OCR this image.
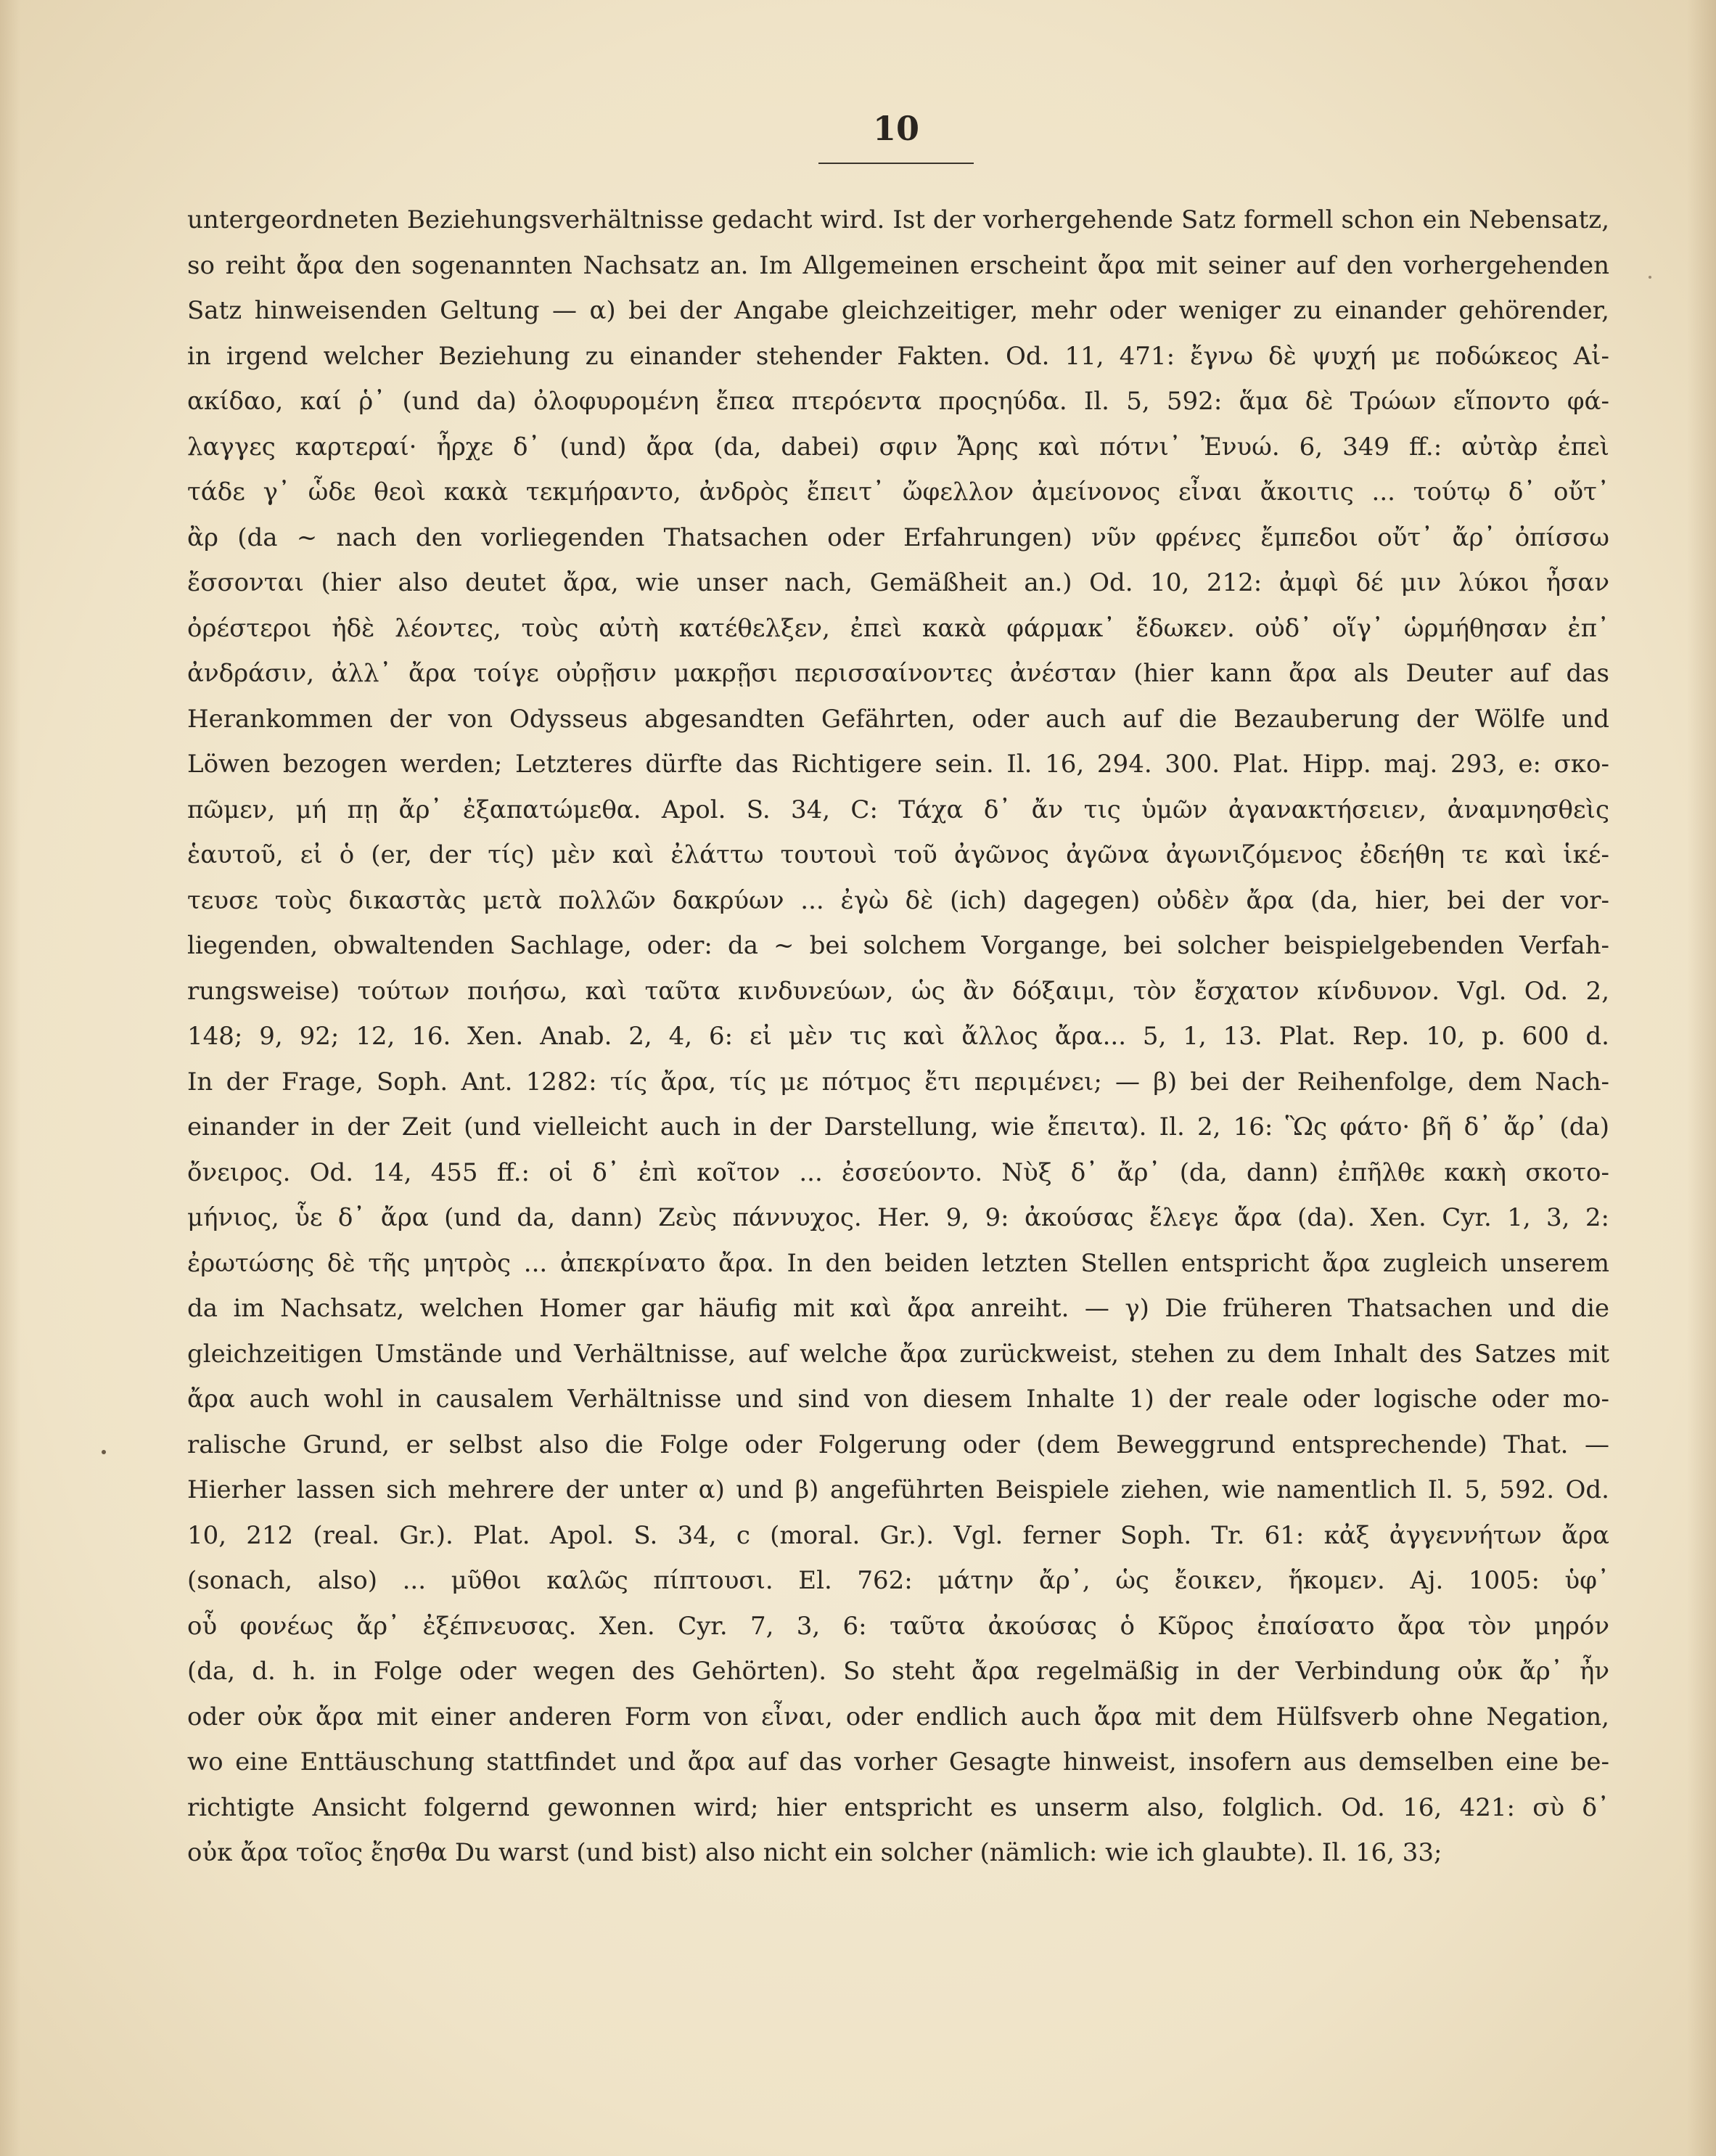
10
untergeordneten Beziehungsverhältnisse gedacht wird. Ist der vorhergehende Satz formell schon ein Nebensatz,
so reiht ἄρα den sogenannten Nachsatz an. Im Allgemeinen erscheint ἄρα mit seiner auf den vorhergehenden
Satz hinweisenden Geltung — α) bei der Angabe gleichzeitiger, mehr oder weniger zu einander gehörender,
in irgend welcher Beziehung zu einander stehender Fakten. Od. 11, 471: ἔγνω δὲ ψυχή με ποδώκεος Αἰ-
ακίδαο, καί ῥ᾽ (und da) ὀλοφυρομένη ἔπεα πτερόεντα προςηύδα. Il. 5, 592: ἅμα δὲ Τρώων εἵποντο φά-
λαγγες καρτεραί· ἦρχε δ᾽ (und) ἄρα (da, dabei) σφιν Ἄρης καὶ πότνι᾽ Ἐνυώ. 6, 349 ff.: αὐτὰρ ἐπεὶ
τάδε γ᾽ ὧδε θεοὶ κακὰ τεκμήραντο, ἀνδρὸς ἔπειτ᾽ ὤφελλον ἀμείνονος εἶναι ἄκοιτις ... τούτῳ δ᾽ οὔτ᾽
ἂρ (da ~ nach den vorliegenden Thatsachen oder Erfahrungen) νῦν φρένες ἔμπεδοι οὔτ᾽ ἄρ᾽ ὀπίσσω
ἔσσονται (hier also deutet ἄρα, wie unser nach, Gemäßheit an.) Od. 10, 212: ἀμφὶ δέ μιν λύκοι ἦσαν
ὀρέστεροι ἠδὲ λέοντες, τοὺς αὐτὴ κατέθελξεν, ἐπεὶ κακὰ φάρμακ᾽ ἔδωκεν. οὐδ᾽ οἵγ᾽ ὡρμήθησαν ἐπ᾽
ἀνδράσιν, ἀλλ᾽ ἄρα τοίγε οὐρῇσιν μακρῇσι περισσαίνοντες ἀνέσταν (hier kann ἄρα als Deuter auf das
Herankommen der von Odysseus abgesandten Gefährten, oder auch auf die Bezauberung der Wölfe und
Löwen bezogen werden; Letzteres dürfte das Richtigere sein. Il. 16, 294. 300. Plat. Hipp. maj. 293, e: σκο-
πῶμεν, μή πῃ ἄρ᾽ ἐξαπατώμεθα. Apol. S. 34, C: Τάχα δ᾽ ἄν τις ὑμῶν ἀγανακτήσειεν, ἀναμνησθεὶς
ἑαυτοῦ, εἰ ὁ (er, der τίς) μὲν καὶ ἐλάττω τουτουὶ τοῦ ἀγῶνος ἀγῶνα ἀγωνιζόμενος ἐδεήθη τε καὶ ἱκέ-
τευσε τοὺς δικαστὰς μετὰ πολλῶν δακρύων ... ἐγὼ δὲ (ich) dagegen) οὐδὲν ἄρα (da, hier, bei der vor-
liegenden, obwaltenden Sachlage, oder: da ~ bei solchem Vorgange, bei solcher beispielgebenden Verfah-
rungsweise) τούτων ποιήσω, καὶ ταῦτα κινδυνεύων, ὡς ἂν δόξαιμι, τὸν ἔσχατον κίνδυνον. Vgl. Od. 2,
148; 9, 92; 12, 16. Xen. Anab. 2, 4, 6: εἰ μὲν τις καὶ ἄλλος ἄρα... 5, 1, 13. Plat. Rep. 10, p. 600 d.
In der Frage, Soph. Ant. 1282: τίς ἄρα, τίς με πότμος ἔτι περιμένει; — β) bei der Reihenfolge, dem Nach-
einander in der Zeit (und vielleicht auch in der Darstellung, wie ἔπειτα). Il. 2, 16: Ὣς φάτο· βῆ δ᾽ ἄρ᾽ (da)
ὄνειρος. Od. 14, 455 ff.: οἱ δ᾽ ἐπὶ κοῖτον ... ἐσσεύοντο. Νὺξ δ᾽ ἄρ᾽ (da, dann) ἐπῆλθε κακὴ σκοτο-
μήνιος, ὗε δ᾽ ἄρα (und da, dann) Ζεὺς πάννυχος. Her. 9, 9: ἀκούσας ἔλεγε ἄρα (da). Xen. Cyr. 1, 3, 2:
ἐρωτώσης δὲ τῆς μητρὸς ... ἀπεκρίνατο ἄρα. In den beiden letzten Stellen entspricht ἄρα zugleich unserem
da im Nachsatz, welchen Homer gar häufig mit καὶ ἄρα anreiht. — γ) Die früheren Thatsachen und die
gleichzeitigen Umstände und Verhältnisse, auf welche ἄρα zurückweist, stehen zu dem Inhalt des Satzes mit
ἄρα auch wohl in causalem Verhältnisse und sind von diesem Inhalte 1) der reale oder logische oder mo-
ralische Grund, er selbst also die Folge oder Folgerung oder (dem Beweggrund entsprechende) That. —
Hierher lassen sich mehrere der unter α) und β) angeführten Beispiele ziehen, wie namentlich Il. 5, 592. Od.
10, 212 (real. Gr.). Plat. Apol. S. 34, c (moral. Gr.). Vgl. ferner Soph. Tr. 61: κἀξ ἀγγεννήτων ἄρα
(sonach, also) ... μῦθοι καλῶς πίπτουσι. El. 762: μάτην ἄρ᾽, ὡς ἔοικεν, ἥκομεν. Aj. 1005: ὑφ᾽
οὗ φονέως ἄρ᾽ ἐξέπνευσας. Xen. Cyr. 7, 3, 6: ταῦτα ἀκούσας ὁ Κῦρος ἐπαίσατο ἄρα τὸν μηρόν
(da, d. h. in Folge oder wegen des Gehörten). So steht ἄρα regelmäßig in der Verbindung οὐκ ἄρ᾽ ἦν
oder οὐκ ἄρα mit einer anderen Form von εἶναι, oder endlich auch ἄρα mit dem Hülfsverb ohne Negation,
wo eine Enttäuschung stattfindet und ἄρα auf das vorher Gesagte hinweist, insofern aus demselben eine be-
richtigte Ansicht folgernd gewonnen wird; hier entspricht es unserm also, folglich. Od. 16, 421: σὺ δ᾽
οὐκ ἄρα τοῖος ἔησθα Du warst (und bist) also nicht ein solcher (nämlich: wie ich glaubte). Il. 16, 33;
